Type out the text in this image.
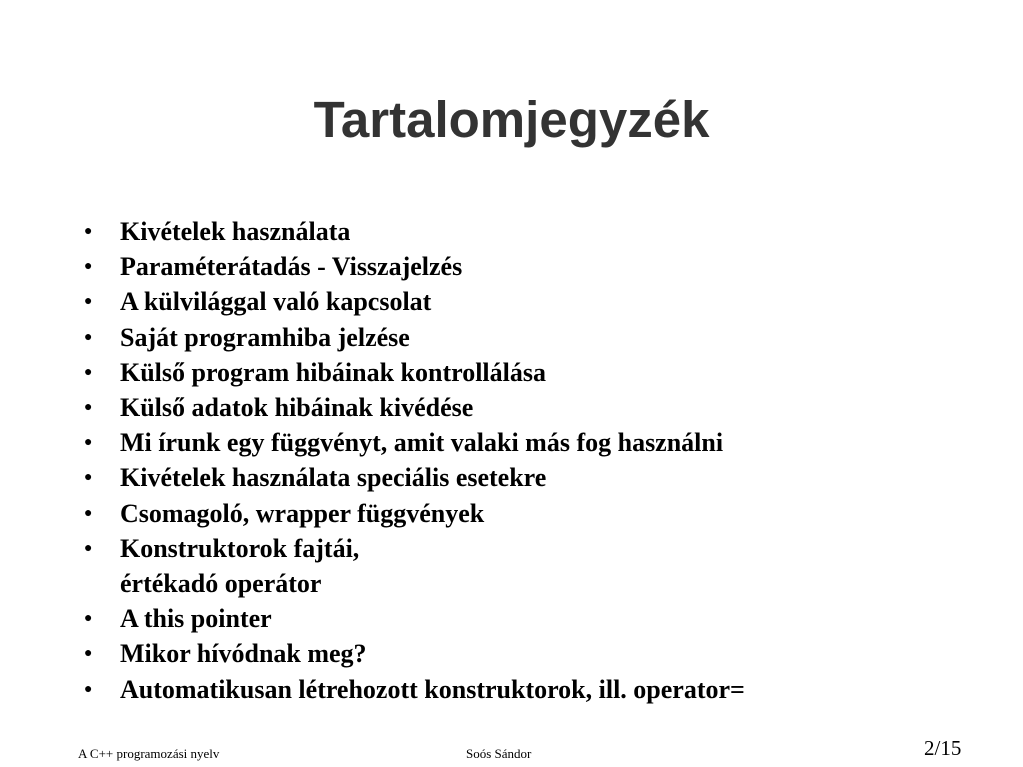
Tartalomjegyzék
● Kivételek használata
● Paraméterátadás - Visszajelzés
● A külvilággal való kapcsolat
● Saját programhiba jelzése
● Külső program hibáinak kontrollálása
● Külső adatok hibáinak kivédése
● Mi írunk egy függvényt, amit valaki más fog használni
● Kivételek használata speciális esetekre
● Csomagoló, wrapper függvények
● Konstruktorok fajtái,
értékadó operátor
● A this pointer
● Mikor hívódnak meg?
● Automatikusan létrehozott konstruktorok, ill. operator=
A C++ programozási nyelv	Soós Sándor	2/15
